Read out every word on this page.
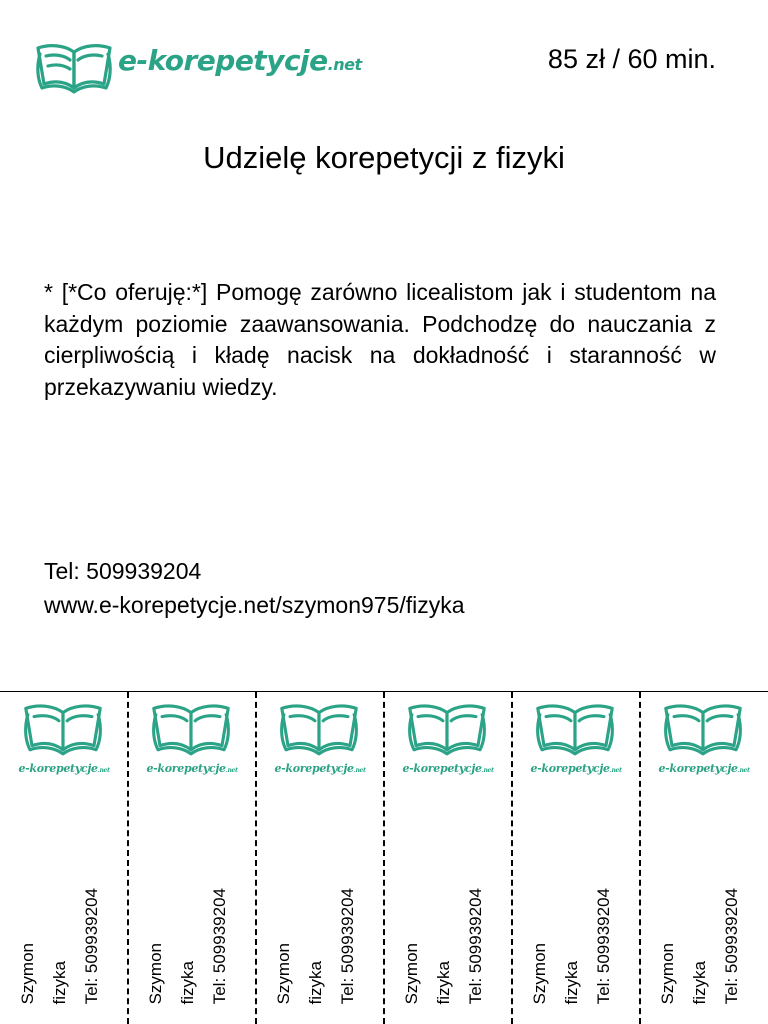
e-korepetycje.net	85 zł / 60 min.
Udzielę korepetycji z fizyki
* [*Co oferuję:*] Pomogę zarówno licealistom jak i studentom na każdym poziomie zaawansowania. Podchodzę do nauczania z cierpliwością i kładę nacisk na dokładność i staranność w przekazywaniu wiedzy.
Tel: 509939204
www.e-korepetycje.net/szymon975/fizyka
e-korepetycje.net
Szymon fizyka Tel: 509939204
e-korepetycje.net
Szymon fizyka Tel: 509939204
e-korepetycje.net
Szymon fizyka Tel: 509939204
e-korepetycje.net
Szymon fizyka Tel: 509939204
e-korepetycje.net
Szymon fizyka Tel: 509939204
e-korepetycje.net
Szymon fizyka Tel: 509939204
